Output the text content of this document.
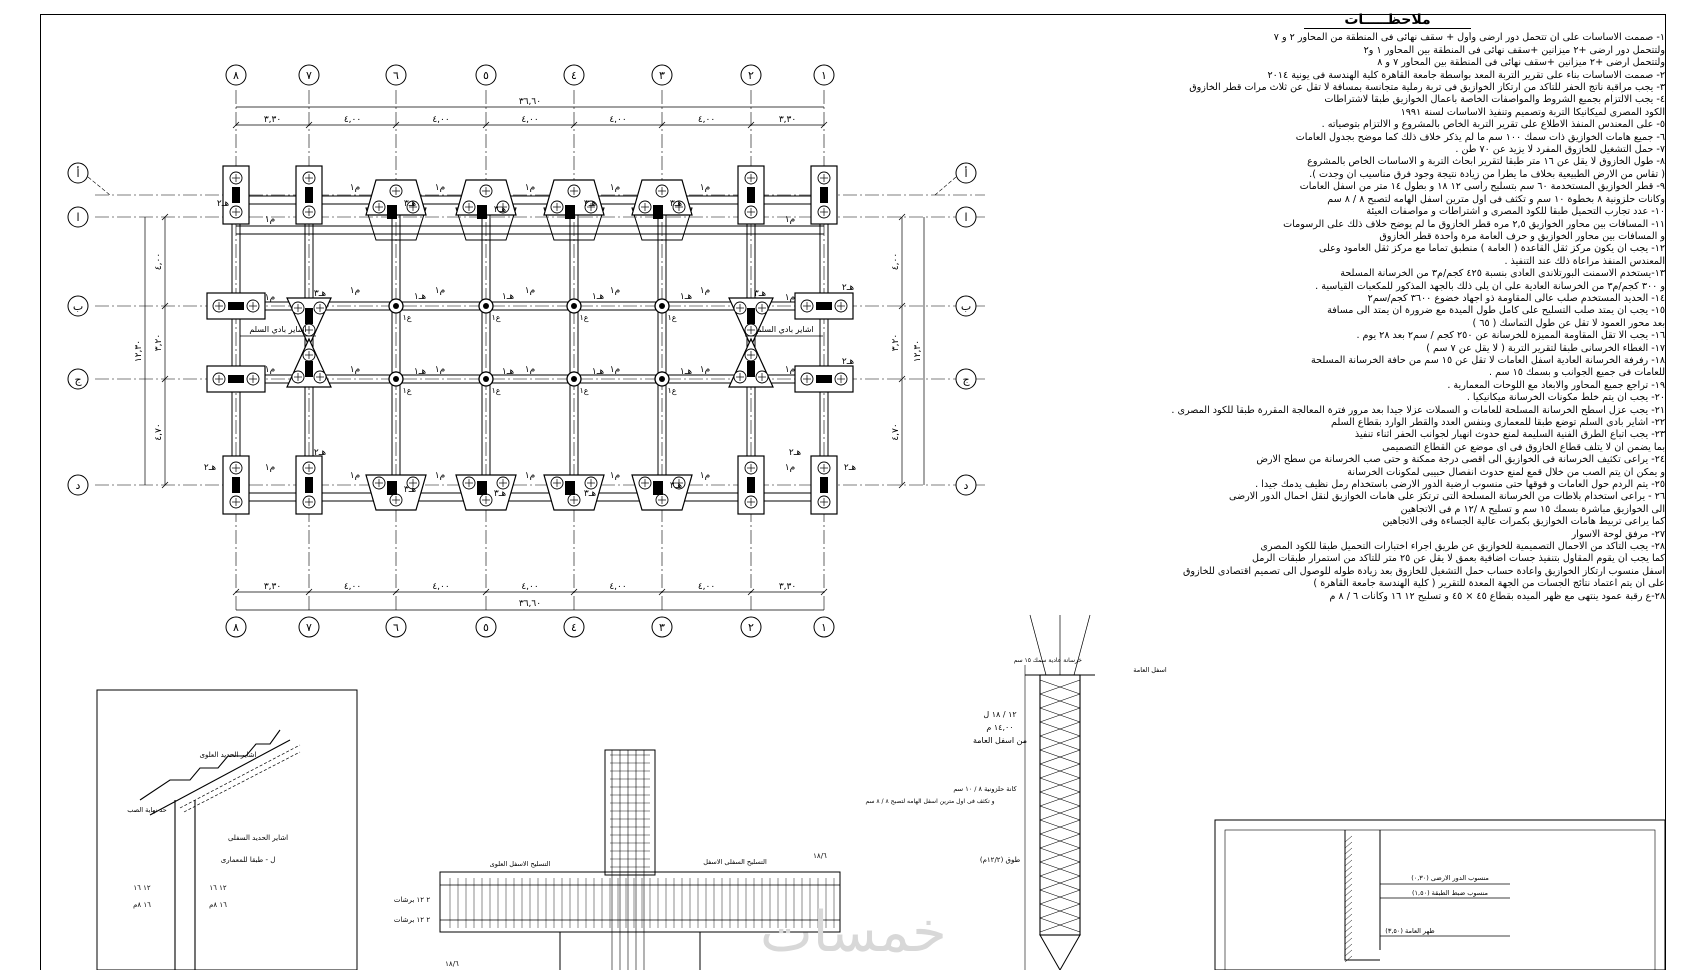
٨
٨
٧
٧
٦
٦
٥
٥
٤
٤
٣
٣
٢
٢
١
١
أ	أ
ا	ا
ب	ب
ج	ج
د	د
٣٦,٦٠
٣,٣٠	٤,٠٠	٤,٠٠	٤,٠٠	٤,٠٠	٤,٠٠	٣,٣٠
٣,٣٠	٤,٠٠	٤,٠٠	٤,٠٠	٤,٠٠	٤,٠٠	٣,٣٠
٣٦,٦٠
٤,٠٠
٣,٢٠
٤,٧٠
١٢,٣٠
٤,٠٠
٣,٢٠
٤,٧٠
١٢,٣٠
م١
م١	م١	م١	م١	م١
م١
م١
م١	م١	م١	م١	م١
م١
م١	م١	م١	م١	م١	م١	م١
م١
م١	م١	م١	م١	م١
م١
هـ٢
هـ٢
هـ٢
هـ٢	هـ٢
هـ٢	هـ٢
هـ٣
هـ٣
هـ٣	هـ٣
هـ٣	هـ٣	هـ٣
هـ٣
هـ٣	هـ٣
هـ١	هـ١	هـ١	هـ١
هـ١	هـ١	هـ١	هـ١
ع١	ع١	ع١	ع١
ع١	ع١	ع١	ع١
اشاير بادي السلم	اشاير بادي السلم
اشاير الحديد العلوى
اشاير الحديد السفلى
حد نهاية الصب
١٢ ١٦	١٢ ١٦
١٦ ٨م	١٦ ٨م
ل - طبقا للمعمارى	التسليح الاسفل العلوى	التسليح السفلى الاسفل
٢ ١٢ برشات
٢ ١٢ برشات
١٨/٦
١٨/٦
خرسانة عادية سمك ١٥ سم
اسفل العامة
١٢ / ١٨ ل
١٤,٠٠ م
من اسفل العامة
كانة حلزونية ٨ / ١٠ سم
و تكثف فى اول مترين اسفل الهامه لتصبح ٨ / ٨ سم
طوق (١٢/٢م)
(٠,٣٠) منسوب الدور الارضى
(١,٥٠) منسوب ضبط الطبقة
(٣,٥٠) ظهر العامة
ملاحظـــــات

١- صممت الاساسات على ان تتحمل دور ارضى وأول + سقف نهائى فى المنطقة من المحاور ٢ و ٧

ولتتحمل دور ارضى +٢ ميزانين +سقف نهائى فى المنطقة بين المحاور ١ و٢

ولتتحمل ارضى +٢ ميزانين +سقف نهائى فى المنطقة بين المحاور ٧ و ٨

٢- صممت الاساسات بناء على تقرير التربة المعد بواسطة جامعة القاهرة كلية الهندسة فى يونية ٢٠١٤

٣- يجب مراقبة ناتج الحفر للتأكد من ارتكاز الخوازيق فى تربة رملية متجانسة بمسافة لا تقل عن ثلاث مرات قطر الخازوق

٤- يجب الالتزام بجميع الشروط والمواصفات الخاصة باعمال الخوازيق طبقا لاشتراطات

الكود المصرى لميكانيكا التربة وتصميم وتنفيذ الاساسات لسنة ١٩٩١

٥- على المعندس المنفذ الاطلاع على تقرير التربة الخاص بالمشروع و الالتزام بتوصياته .

٦- جميع هامات الخوازيق ذات سمك ١٠٠ سم ما لم يذكر خلاف ذلك كما موضح بجدول العامات

٧- حمل التشغيل للخازوق المفرد لا يزيد عن ٧٠ طن .

٨- طول الخازوق لا يقل عن ١٦ متر طبقا لتقرير ابحاث التربة و الاساسات الخاص بالمشروع

( تقاس من الارض الطبيعية بخلاف ما يطرأ من زيادة نتيجة وجود فرق مناسيب ان وجدت ).

٩- قطر الخوازيق المستخدمة ٦٠ سم بتسليح رأسى ١٢ ١٨ و بطول ١٤ متر من اسفل العامات

وكانات حلزونية ٨ بخطوة ١٠ سم و تكثف فى اول مترين اسفل الهامه لتصبح ٨ / ٨ سم

١٠- عدد تجارب التحميل طبقا للكود المصرى و اشتراطات و مواصفات العيئة

١١- المسافات بين محاور الخوازيق ٢,٥ مره قطر الخازوق ما لم يوضح خلاف ذلك على الرسومات

و المسافات بين محاور الخوازيق و حرف العامة مرة واحدة قطر الخازوق

١٢- يجب ان يكون مركز ثقل القاعدة ( العامة ) منطبق تماما مع مركز ثقل العامود وعلى

المعندس المنفذ مراعاة ذلك عند التنفيذ .

١٣-يستخدم الاسمنت البورتلاندى العادى بنسبة ٤٢٥ كجم/م٣ من الخرسانة المسلحة

و ٣٠٠ كجم/م٣ من الخرسانة العادية على ان يلى ذلك بالجهد المذكور للمكعبات القياسية .

١٤- الحديد المستخدم صلب عالى المقاومة ذو اجهاد خضوع ٣٦٠٠ كجم/سم٢

١٥- يجب ان يمتد صلب التسليح على كامل طول الميدة مع ضرورة ان يمتد الى مسافة

بعد محور العمود لا تقل عن طول التماسك ( ٦٥ )

١٦- يجب الا تقل المقاومة المميزة للخرسانة عن ٢٥٠ كجم / سم٢ بعد ٢٨ يوم .

١٧- الغطاء الخرسانى طبقا لتقرير التربة ( لا يقل عن ٧ سم )

١٨- رفرفة الخرسانة العادية اسفل العامات لا تقل عن ١٥ سم من حافة الخرسانة المسلحة

للعامات فى جميع الجوانب و بسمك ١٥ سم .

١٩- تراجع جميع المحاور والابعاد مع اللوحات المعمارية .

٢٠- يجب ان يتم خلط مكونات الخرسانة ميكانيكيا .

٢١- يجب عزل اسطح الخرسانة المسلحة للعامات و السملات عزلا جيدا بعد مرور فترة المعالجة المقررة طبقاً للكود المصرى .

٢٢- اشاير بادى السلم توضع طبقا للمعمارى وبنفس العدد والقطر الوارد بقطاع السلم

٢٣- يجب اتباع الطرق الفنية السليمة لمنع حدوث انهيار لجوانب الحفر اثناء تنفيذ

بما يضمن أن لا يتلف قطاع الخازوق فى اى موضع عن القطاع التصميمى

٢٤- يراعى تكثيف الخرسانة فى الخوازيق الى اقصى درجة ممكنة و حتى صب الخرسانة من سطح الارض

و يمكن ان يتم الصب من خلال قمع لمنع حدوث انفصال حبيبى لمكونات الخرسانة

٢٥- يتم الردم حول العامات و فوقها حتى منسوب ارضية الدور الارضى باستخدام رمل نظيف يدمك جيدا .

٢٦ - يراعى استخدام بلاطات من الخرسانة المسلحة التى ترتكز على هامات الخوازيق لنقل احمال الدور الارضى

الى الخوازيق مباشرة بسمك ١٥ سم و تسليح ٨ /١٢ م فى الاتجاهين

كما يراعى تربيط هامات الخوازيق بكمرات عالية الجساءة وفى الاتجاهين

٢٧- مرفق لوحة الاسوار

٢٨- يجب التأكد من الاحمال التصميمية للخوازيق عن طريق اجراء اختبارات التحميل طبقا للكود المصرى

كما يجب أن يقوم المقاول بتنفيذ جسات اضافية بعمق لا يقل عن ٢٥ متر للتأكد من استمرار طبقات الرمل

أسفل منسوب ارتكاز الخوازيق واعادة حساب حمل التشغيل للخازوق بعد زيادة طوله للوصول الى تصميم اقتصادى للخازوق

على أن يتم اعتماد نتائج الجسات من الجهة المعدة للتقرير ( كلية الهندسة جامعة القاهرة )

٢٨-ع رقبة عمود ينتهى مع ظهر الميده بقطاع ٤٥ × ٤٥ و تسليح ١٢ ١٦ وكانات ٦ / ٨ م

خمسات
